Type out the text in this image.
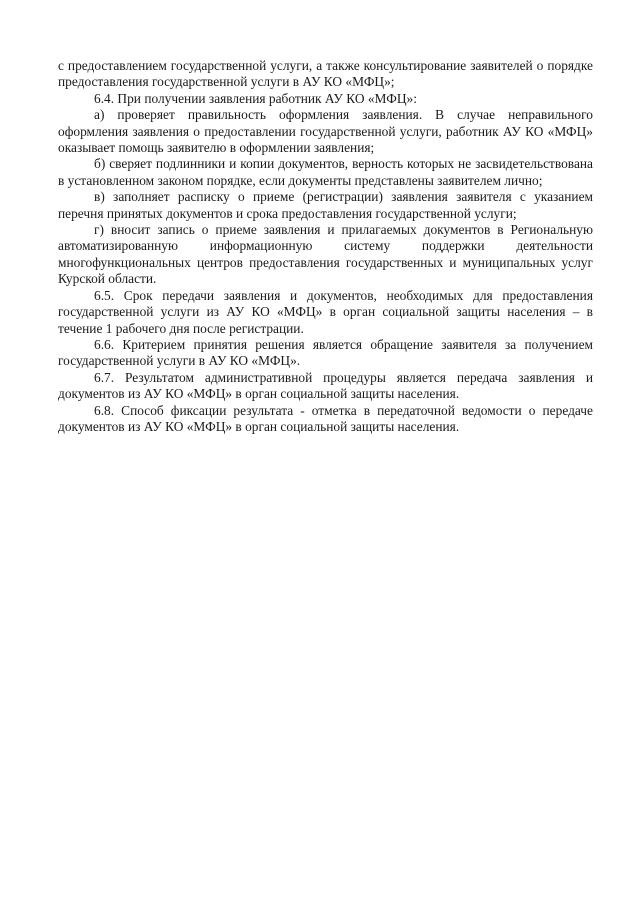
с предоставлением государственной услуги, а также консультирование заявителей о порядке предоставления государственной услуги в АУ КО «МФЦ»;

6.4. При получении заявления работник АУ КО «МФЦ»:

а) проверяет правильность оформления заявления. В случае неправильного оформления заявления о предоставлении государственной услуги, работник АУ КО «МФЦ» оказывает помощь заявителю в оформлении заявления;

б) сверяет подлинники и копии документов, верность которых не засвидетельствована в установленном законом порядке, если документы представлены заявителем лично;

в) заполняет расписку о приеме (регистрации) заявления заявителя с указанием перечня принятых документов и срока предоставления государственной услуги;

г) вносит запись о приеме заявления и прилагаемых документов в Региональную автоматизированную информационную систему поддержки деятельности многофункциональных центров предоставления государственных и муниципальных услуг Курской области.

6.5. Срок передачи заявления и документов, необходимых для предоставления государственной услуги из АУ КО «МФЦ» в орган социальной защиты населения – в течение 1 рабочего дня после регистрации.

6.6. Критерием принятия решения является обращение заявителя за получением государственной услуги в АУ КО «МФЦ».

6.7. Результатом административной процедуры является передача заявления и документов из АУ КО «МФЦ» в орган социальной защиты населения.

6.8. Способ фиксации результата - отметка в передаточной ведомости о передаче документов из АУ КО «МФЦ» в орган социальной защиты населения.
